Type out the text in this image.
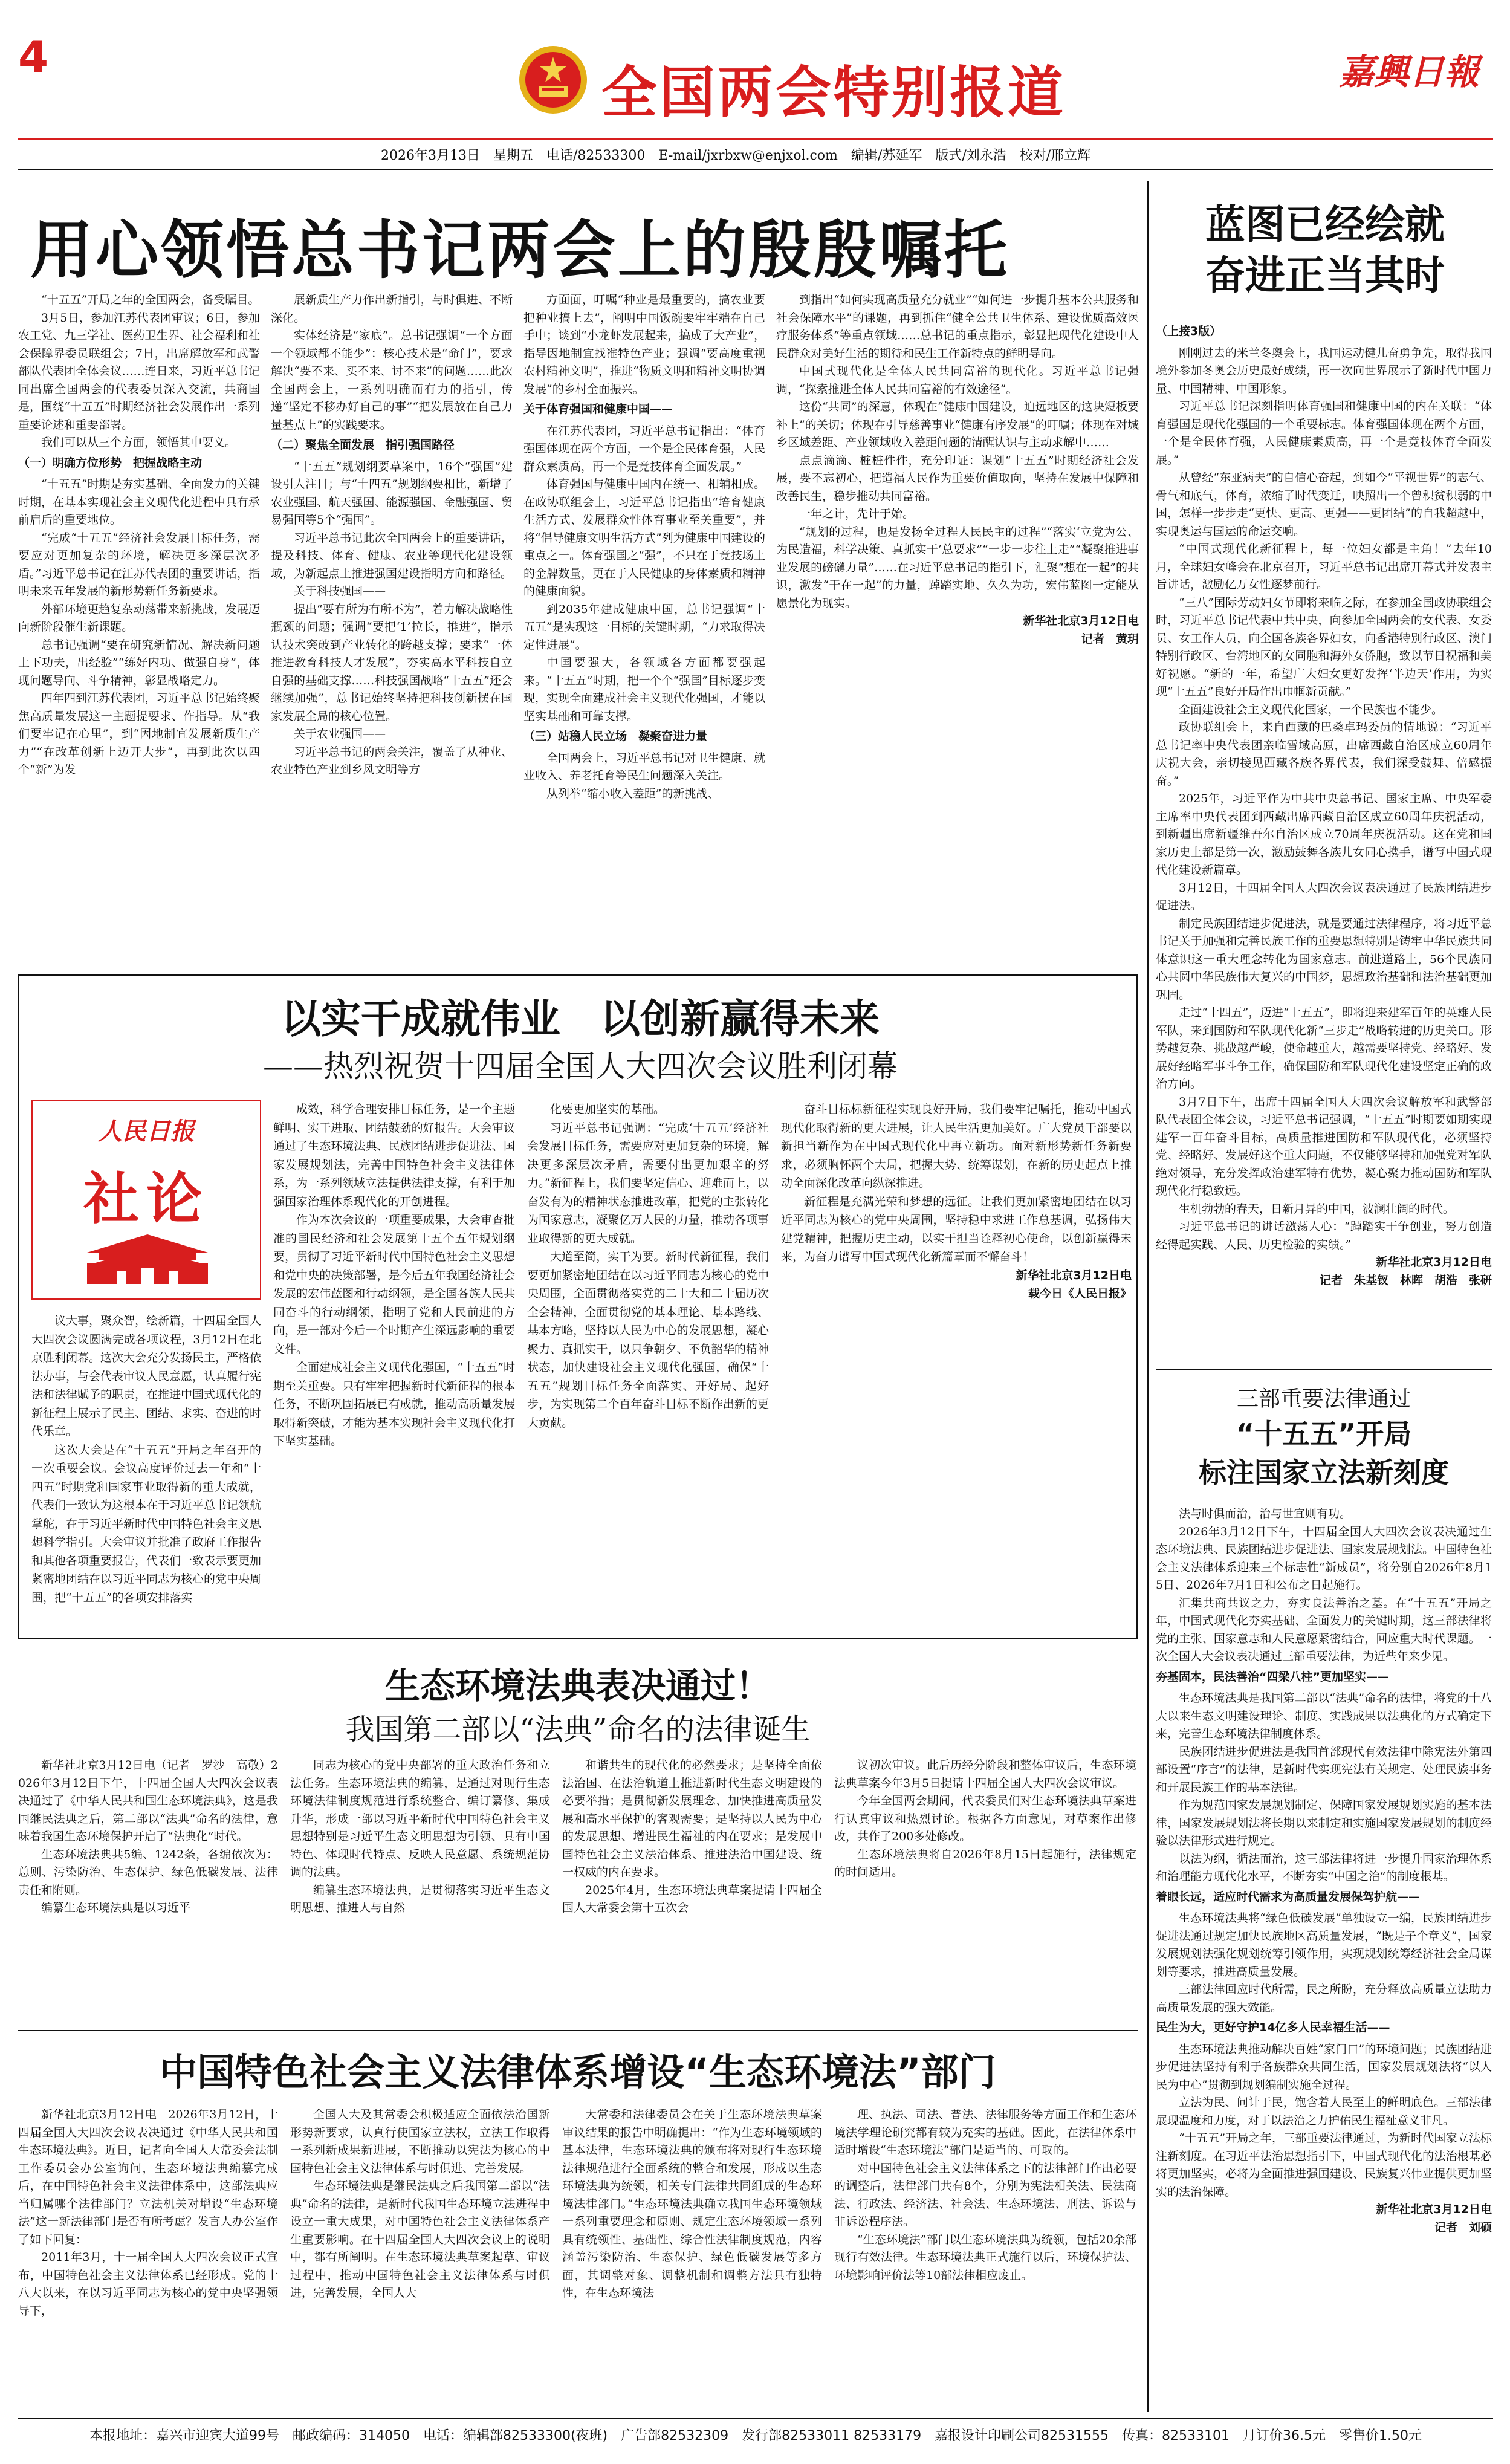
4
全国两会特别报道	嘉興日報
2026年3月13日　星期五　电话/82533300　E-mail/jxrbxw@enjxol.com　编辑/苏延军　版式/刘永浩　校对/邢立辉
用心领悟总书记两会上的殷殷嘱托

“十五五”开局之年的全国两会，备受瞩目。

3月5日，参加江苏代表团审议；6日，参加农工党、九三学社、医药卫生界、社会福利和社会保障界委员联组会；7日，出席解放军和武警部队代表团全体会议……连日来，习近平总书记同出席全国两会的代表委员深入交流，共商国是，围绕“十五五”时期经济社会发展作出一系列重要论述和重要部署。

我们可以从三个方面，领悟其中要义。

（一）明确方位形势　把握战略主动

“十五五”时期是夯实基础、全面发力的关键时期，在基本实现社会主义现代化进程中具有承前启后的重要地位。

“完成“十五五”经济社会发展目标任务，需要应对更加复杂的环境，解决更多深层次矛盾。”习近平总书记在江苏代表团的重要讲话，指明未来五年发展的新形势新任务新要求。

外部环境更趋复杂动荡带来新挑战，发展迈向新阶段催生新课题。

总书记强调“要在研究新情况、解决新问题上下功夫，出经验”“练好内功、做强自身”，体现问题导向、斗争精神，彰显战略定力。

四年四到江苏代表团，习近平总书记始终聚焦高质量发展这一主题提要求、作指导。从“我们要牢记在心里”，到“因地制宜发展新质生产力”“在改革创新上迈开大步”，再到此次以四个“新”为发

展新质生产力作出新指引，与时俱进、不断深化。

实体经济是“家底”。总书记强调“一个方面一个领域都不能少”：核心技术是“命门”，要求解决“要不来、买不来、讨不来”的问题……此次全国两会上，一系列明确而有力的指引，传递“坚定不移办好自己的事”“把发展放在自己力量基点上”的实践要求。

（二）聚焦全面发展　指引强国路径

“十五五”规划纲要草案中，16个“强国”建设引人注目；与“十四五”规划纲要相比，新增了农业强国、航天强国、能源强国、金融强国、贸易强国等5个“强国”。

习近平总书记此次全国两会上的重要讲话，提及科技、体育、健康、农业等现代化建设领域，为新起点上推进强国建设指明方向和路径。

关于科技强国——

提出“要有所为有所不为”，着力解决战略性瓶颈的问题；强调“要把‘1’拉长，推进”，指示认技术突破到产业转化的跨越支撑；要求“一体推进教育科技人才发展”，夯实高水平科技自立自强的基础支撑……科技强国战略“十五五”还会继续加强”，总书记始终坚持把科技创新摆在国家发展全局的核心位置。

关于农业强国——

习近平总书记的两会关注，覆盖了从种业、农业特色产业到乡风文明等方

方面面，叮嘱“种业是最重要的，搞农业要把种业搞上去”，阐明中国饭碗要牢牢端在自己手中；谈到“小龙虾发展起来，搞成了大产业”，指导因地制宜找准特色产业；强调“要高度重视农村精神文明”，推进“物质文明和精神文明协调发展”的乡村全面振兴。

关于体育强国和健康中国——

在江苏代表团，习近平总书记指出：“体育强国体现在两个方面，一个是全民体育强，人民群众素质高，再一个是竞技体育全面发展。”

体育强国与健康中国内在统一、相辅相成。在政协联组会上，习近平总书记指出“培育健康生活方式、发展群众性体育事业至关重要”，并将“倡导健康文明生活方式”列为健康中国建设的重点之一。体育强国之“强”，不只在于竞技场上的金牌数量，更在于人民健康的身体素质和精神的健康面貌。

到2035年建成健康中国，总书记强调“十五五”是实现这一目标的关键时期，“力求取得决定性进展”。

中国要强大，各领域各方面都要强起来。“十五五”时期，把一个个“强国”目标逐步变现，实现全面建成社会主义现代化强国，才能以坚实基础和可靠支撑。

（三）站稳人民立场　凝聚奋进力量

全国两会上，习近平总书记对卫生健康、就业收入、养老托育等民生问题深入关注。

从列举“缩小收入差距”的新挑战、

到指出“如何实现高质量充分就业”“如何进一步提升基本公共服务和社会保障水平”的课题，再到抓住“健全公共卫生体系、建设优质高效医疗服务体系”等重点领域……总书记的重点指示，彰显把现代化建设中人民群众对美好生活的期待和民生工作新特点的鲜明导向。

中国式现代化是全体人民共同富裕的现代化。习近平总书记强调，“探索推进全体人民共同富裕的有效途径”。

这份“共同”的深意，体现在“健康中国建设，迫远地区的这块短板要补上”的关切；体现在引导慈善事业“健康有序发展”的叮嘱；体现在对城乡区域差距、产业领域收入差距问题的清醒认识与主动求解中……

点点滴滴、桩桩件件，充分印证：谋划“十五五”时期经济社会发展，要不忘初心，把造福人民作为重要价值取向，坚持在发展中保障和改善民生，稳步推动共同富裕。

一年之计，先计于始。

“规划的过程，也是发扬全过程人民民主的过程”“落实‘立党为公、为民造福，科学决策、真抓实干’总要求”“一步一步往上走”“凝聚推进事业发展的磅礴力量”……在习近平总书记的指引下，汇聚“想在一起”的共识，激发“干在一起”的力量，踔踏实地、久久为功，宏伟蓝图一定能从愿景化为现实。

新华社北京3月12日电
记者　黄玥

蓝图已经绘就
奋进正当其时

（上接3版）

刚刚过去的米兰冬奥会上，我国运动健儿奋勇争先，取得我国境外参加冬奥会历史最好成绩，再一次向世界展示了新时代中国力量、中国精神、中国形象。

习近平总书记深刻指明体育强国和健康中国的内在关联：“体育强国是现代化强国的一个重要标志。体育强国体现在两个方面，一个是全民体育强，人民健康素质高，再一个是竞技体育全面发展。”

从曾经“东亚病夫”的自信心奋起，到如今“平视世界”的志气、骨气和底气，体育，浓缩了时代变迁，映照出一个曾积贫积弱的中国，怎样一步步走“更快、更高、更强——更团结”的自我超越中，实现奥运与国运的命运交响。

“中国式现代化新征程上，每一位妇女都是主角！”去年10月，全球妇女峰会在北京召开，习近平总书记出席开幕式并发表主旨讲话，激励亿万女性逐梦前行。

“三八”国际劳动妇女节即将来临之际，在参加全国政协联组会时，习近平总书记代表中共中央，向参加全国两会的女代表、女委员、女工作人员，向全国各族各界妇女，向香港特别行政区、澳门特别行政区、台湾地区的女同胞和海外女侨胞，致以节日祝福和美好祝愿。“新的一年，希望广大妇女更好发挥‘半边天’作用，为实现“十五五”良好开局作出巾帼新贡献。”

全面建设社会主义现代化国家，一个民族也不能少。

政协联组会上，来自西藏的巴桑卓玛委员的情地说：“习近平总书记率中央代表团亲临雪域高原，出席西藏自治区成立60周年庆祝大会，亲切接见西藏各族各界代表，我们深受鼓舞、倍感振奋。”

2025年，习近平作为中共中央总书记、国家主席、中央军委主席率中央代表团到西藏出席西藏自治区成立60周年庆祝活动，到新疆出席新疆维吾尔自治区成立70周年庆祝活动。这在党和国家历史上都是第一次，激励鼓舞各族儿女同心携手，谱写中国式现代化建设新篇章。

3月12日，十四届全国人大四次会议表决通过了民族团结进步促进法。

制定民族团结进步促进法，就是要通过法律程序，将习近平总书记关于加强和完善民族工作的重要思想特别是铸牢中华民族共同体意识这一重大理念转化为国家意志。前进道路上，56个民族同心共圆中华民族伟大复兴的中国梦，思想政治基础和法治基础更加巩固。

走过“十四五”，迈进“十五五”，即将迎来建军百年的英雄人民军队，来到国防和军队现代化新“三步走”战略转进的历史关口。形势越复杂、挑战越严峻，使命越重大，越需要坚持党、经略好、发展好经略军事斗争工作，确保国防和军队现代化建设坚定正确的政治方向。

3月7日下午，出席十四届全国人大四次会议解放军和武警部队代表团全体会议，习近平总书记强调，“十五五”时期要如期实现建军一百年奋斗目标，高质量推进国防和军队现代化，必须坚持党、经略好、发展好这个重大问题，不仅能够坚持和加强党对军队绝对领导，充分发挥政治建军特有优势，凝心聚力推动国防和军队现代化行稳致远。

生机勃勃的春天，日新月异的中国，波澜壮阔的时代。

习近平总书记的讲话激荡人心：“踔踏实干争创业，努力创造经得起实践、人民、历史检验的实绩。”

新华社北京3月12日电
记者　朱基钗　林晖　胡浩　张研

三部重要法律通过
“十五五”开局
标注国家立法新刻度

法与时俱而治，治与世宜则有功。

2026年3月12日下午，十四届全国人大四次会议表决通过生态环境法典、民族团结进步促进法、国家发展规划法。中国特色社会主义法律体系迎来三个标志性“新成员”，将分别自2026年8月15日、2026年7月1日和公布之日起施行。

汇集共商共议之力，夯实良法善治之基。在“十五五”开局之年，中国式现代化夯实基础、全面发力的关键时期，这三部法律将党的主张、国家意志和人民意愿紧密结合，回应重大时代课题。一次全国人大会议表决通过三部重要法律，为近些年来少见。

夯基固本，民法善治“四梁八柱”更加坚实——

生态环境法典是我国第二部以“法典”命名的法律，将党的十八大以来生态文明建设理论、制度、实践成果以法典化的方式确定下来，完善生态环境法律制度体系。

民族团结进步促进法是我国首部现代有效法律中除宪法外第四部设置“序言”的法律，是新时代实现宪法有关规定、处理民族事务和开展民族工作的基本法律。

作为规范国家发展规划制定、保障国家发展规划实施的基本法律，国家发展规划法将长期以来制定和实施国家发展规划的制度经验以法律形式进行规定。

以法为纲，循法而治，这三部法律将进一步提升国家治理体系和治理能力现代化水平，不断夯实“中国之治”的制度根基。

着眼长远，适应时代需求为高质量发展保驾护航——

生态环境法典将“绿色低碳发展”单独设立一编，民族团结进步促进法通过规定加快民族地区高质量发展，“既是子个章义”，国家发展规划法强化规划统筹引领作用，实现规划统筹经济社会全局谋划等要求，推进高质量发展。

三部法律回应时代所需，民之所盼，充分释放高质量立法助力高质量发展的强大效能。

民生为大，更好守护14亿多人民幸福生活——

生态环境法典推动解决百姓“家门口”的环境问题；民族团结进步促进法坚持有利于各族群众共同生活，国家发展规划法将“以人民为中心”贯彻到规划编制实施全过程。

立法为民、问计于民，饱含着人民至上的鲜明底色。三部法律展现温度和力度，对于以法治之力护佑民生福祉意义非凡。

“十五五”开局之年，三部重要法律通过，为新时代国家立法标注新刻度。在习近平法治思想指引下，中国式现代化的法治根基必将更加坚实，必将为全面推进强国建设、民族复兴伟业提供更加坚实的法治保障。

新华社北京3月12日电
记者　刘硕

以实干成就伟业　以创新赢得未来
——热烈祝贺十四届全国人大四次会议胜利闭幕
人民日报
社论

议大事，聚众智，绘新篇，十四届全国人大四次会议圆满完成各项议程，3月12日在北京胜利闭幕。这次大会充分发扬民主，严格依法办事，与会代表审议人民意愿，认真履行宪法和法律赋予的职责，在推进中国式现代化的新征程上展示了民主、团结、求实、奋进的时代乐章。

这次大会是在“十五五”开局之年召开的一次重要会议。会议高度评价过去一年和“十四五”时期党和国家事业取得新的重大成就，代表们一致认为这根本在于习近平总书记领航掌舵，在于习近平新时代中国特色社会主义思想科学指引。大会审议并批准了政府工作报告和其他各项重要报告，代表们一致表示要更加紧密地团结在以习近平同志为核心的党中央周围，把“十五五”的各项安排落实

成效，科学合理安排目标任务，是一个主题鲜明、实干进取、团结鼓劲的好报告。大会审议通过了生态环境法典、民族团结进步促进法、国家发展规划法，完善中国特色社会主义法律体系，为一系列领域立法提供法律支撑，有利于加强国家治理体系现代化的开创进程。

作为本次会议的一项重要成果，大会审查批准的国民经济和社会发展第十五个五年规划纲要，贯彻了习近平新时代中国特色社会主义思想和党中央的决策部署，是今后五年我国经济社会发展的宏伟蓝图和行动纲领，是全国各族人民共同奋斗的行动纲领，指明了党和人民前进的方向，是一部对今后一个时期产生深远影响的重要文件。

全面建成社会主义现代化强国，“十五五”时期至关重要。只有牢牢把握新时代新征程的根本任务，不断巩固拓展已有成就，推动高质量发展取得新突破，才能为基本实现社会主义现代化打下坚实基础。

化要更加坚实的基础。

习近平总书记强调：“完成‘十五五’经济社会发展目标任务，需要应对更加复杂的环境，解决更多深层次矛盾，需要付出更加艰辛的努力。”新征程上，我们要坚定信心、迎难而上，以奋发有为的精神状态推进改革，把党的主张转化为国家意志，凝聚亿万人民的力量，推动各项事业取得新的更大成就。

大道至简，实干为要。新时代新征程，我们要更加紧密地团结在以习近平同志为核心的党中央周围，全面贯彻落实党的二十大和二十届历次全会精神，全面贯彻党的基本理论、基本路线、基本方略，坚持以人民为中心的发展思想，凝心聚力、真抓实干，以只争朝夕、不负韶华的精神状态，加快建设社会主义现代化强国，确保“十五五”规划目标任务全面落实、开好局、起好步，为实现第二个百年奋斗目标不断作出新的更大贡献。

奋斗目标标新征程实现良好开局，我们要牢记嘱托，推动中国式现代化取得新的更大进展，让人民生活更加美好。广大党员干部要以新担当新作为在中国式现代化中再立新功。面对新形势新任务新要求，必须胸怀两个大局，把握大势、统筹谋划，在新的历史起点上推动全面深化改革向纵深推进。

新征程是充满光荣和梦想的远征。让我们更加紧密地团结在以习近平同志为核心的党中央周围，坚持稳中求进工作总基调，弘扬伟大建党精神，把握历史主动，以实干担当诠释初心使命，以创新赢得未来，为奋力谱写中国式现代化新篇章而不懈奋斗！

新华社北京3月12日电
载今日《人民日报》

生态环境法典表决通过！
我国第二部以“法典”命名的法律诞生

新华社北京3月12日电（记者　罗沙　高敬）2026年3月12日下午，十四届全国人大四次会议表决通过了《中华人民共和国生态环境法典》，这是我国继民法典之后，第二部以“法典”命名的法律，意味着我国生态环境保护开启了“法典化”时代。

生态环境法典共5编、1242条，各编依次为：总则、污染防治、生态保护、绿色低碳发展、法律责任和附则。

编纂生态环境法典是以习近平

同志为核心的党中央部署的重大政治任务和立法任务。生态环境法典的编纂，是通过对现行生态环境法律制度规范进行系统整合、编订纂修、集成升华，形成一部以习近平新时代中国特色社会主义思想特别是习近平生态文明思想为引领、具有中国特色、体现时代特点、反映人民意愿、系统规范协调的法典。

编纂生态环境法典，是贯彻落实习近平生态文明思想、推进人与自然

和谐共生的现代化的必然要求；是坚持全面依法治国、在法治轨道上推进新时代生态文明建设的必要举措；是贯彻新发展理念、加快推进高质量发展和高水平保护的客观需要；是坚持以人民为中心的发展思想、增进民生福祉的内在要求；是发展中国特色社会主义法治体系、推进法治中国建设、统一权威的内在要求。

2025年4月，生态环境法典草案提请十四届全国人大常委会第十五次会

议初次审议。此后历经分阶段和整体审议后，生态环境法典草案今年3月5日提请十四届全国人大四次会议审议。

今年全国两会期间，代表委员们对生态环境法典草案进行认真审议和热烈讨论。根据各方面意见，对草案作出修改，共作了200多处修改。

生态环境法典将自2026年8月15日起施行，法律规定的时间适用。

中国特色社会主义法律体系增设“生态环境法”部门

新华社北京3月12日电　 2026年3月12日，十四届全国人大四次会议表决通过《中华人民共和国生态环境法典》。近日，记者向全国人大常委会法制工作委员会办公室询问，生态环境法典编纂完成后，在中国特色社会主义法律体系中，这部法典应当归属哪个法律部门？立法机关对增设“生态环境法”这一新法律部门是否有所考虑？发言人办公室作了如下回复：

2011年3月，十一届全国人大四次会议正式宣布，中国特色社会主义法律体系已经形成。党的十八大以来，在以习近平同志为核心的党中央坚强领导下，

全国人大及其常委会积极适应全面依法治国新形势新要求，认真行使国家立法权，立法工作取得一系列新成果新进展，不断推动以宪法为核心的中国特色社会主义法律体系与时俱进、完善发展。

生态环境法典是继民法典之后我国第二部以“法典”命名的法律，是新时代我国生态环境立法进程中设立一重大成果，对中国特色社会主义法律体系产生重要影响。在十四届全国人大四次会议上的说明中，都有所阐明。在生态环境法典草案起草、审议过程中，推动中国特色社会主义法律体系与时俱进，完善发展，全国人大

大常委和法律委员会在关于生态环境法典草案审议结果的报告中明确提出：“作为生态环境领域的基本法律，生态环境法典的颁布将对现行生态环境法律规范进行全面系统的整合和发展，形成以生态环境法典为统领，相关专门法律共同组成的生态环境法律部门。”生态环境法典确立我国生态环境领域一系列重要理念和原则、规定生态环境领域一系列具有统领性、基础性、综合性法律制度规范，内容涵盖污染防治、生态保护、绿色低碳发展等多方面，其调整对象、调整机制和调整方法具有独特性，在生态环境法

理、执法、司法、普法、法律服务等方面工作和生态环境法学理论研究都有较为充实的基础。因此，在法律体系中适时增设“生态环境法”部门是适当的、可取的。

对中国特色社会主义法律体系之下的法律部门作出必要的调整后，法律部门共有8个，分别为宪法相关法、民法商法、行政法、经济法、社会法、生态环境法、刑法、诉讼与非诉讼程序法。

“生态环境法”部门以生态环境法典为统领，包括20余部现行有效法律。生态环境法典正式施行以后，环境保护法、环境影响评价法等10部法律相应废止。

本报地址：嘉兴市迎宾大道99号　邮政编码：314050　电话：编辑部82533300(夜班)　广告部82532309　发行部82533011 82533179　嘉报设计印刷公司82531555　传真：82533101　月订价36.5元　零售价1.50元
